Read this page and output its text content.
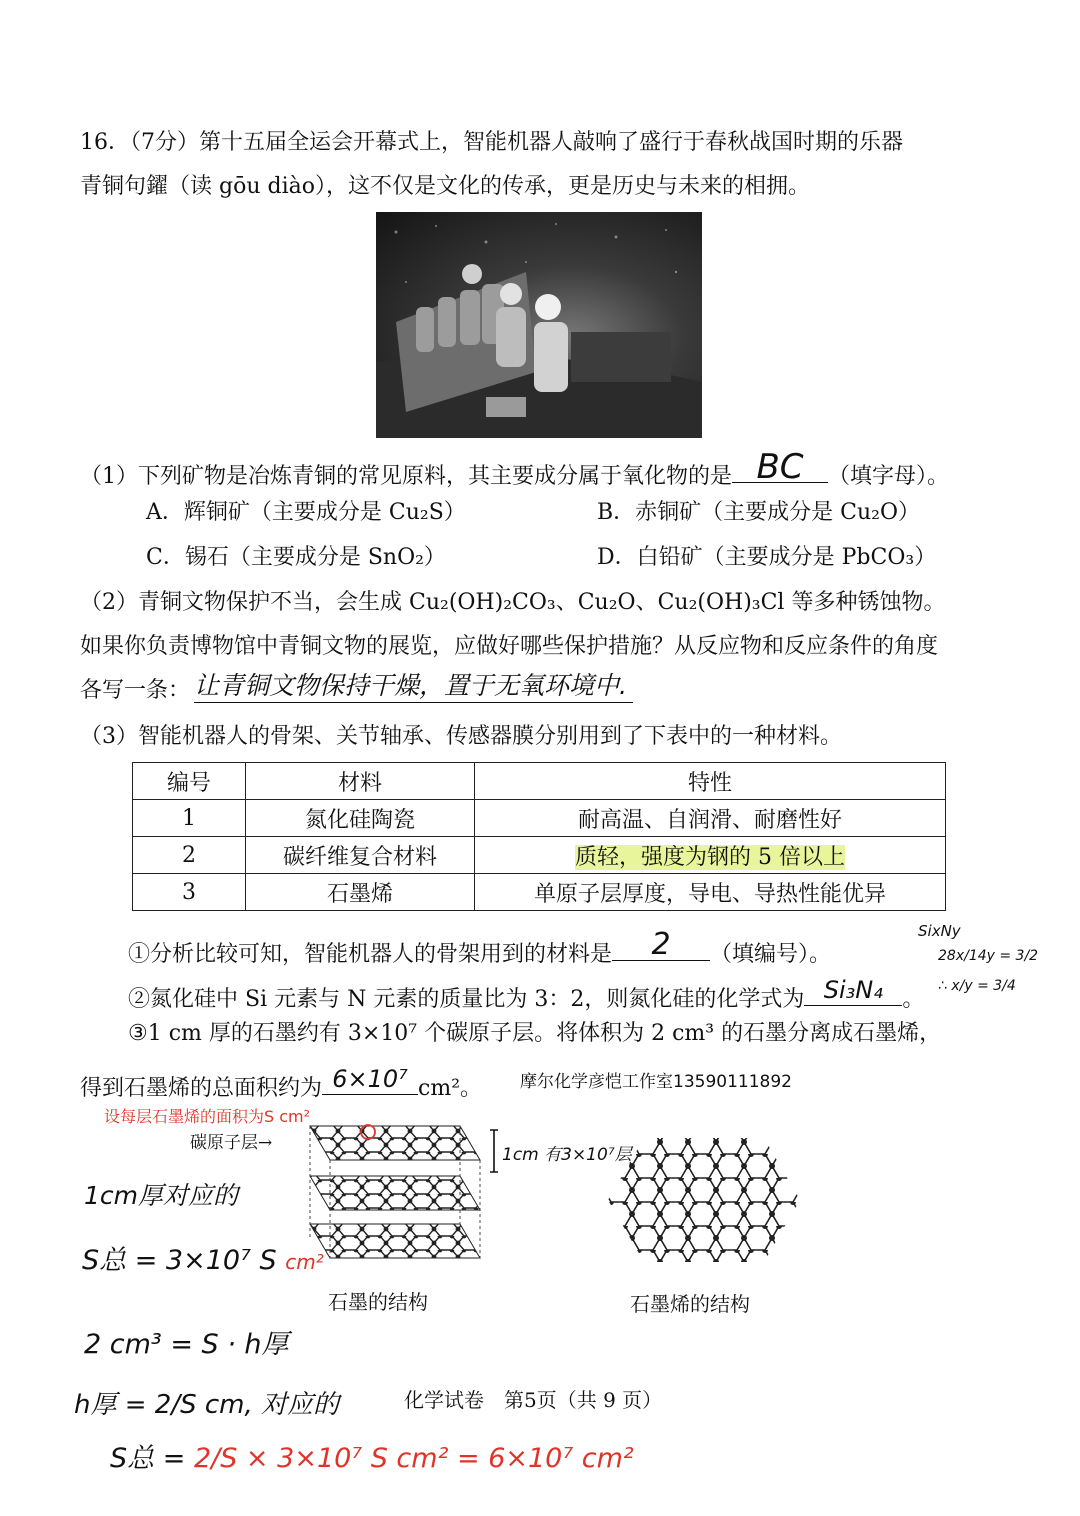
16．（7分）第十五届全运会开幕式上，智能机器人敲响了盛行于春秋战国时期的乐器
青铜句鑃（读 gōu diào），这不仅是文化的传承，更是历史与未来的相拥。
（1）下列矿物是冶炼青铜的常见原料，其主要成分属于氧化物的是 BC	（填字母）。
A．辉铜矿（主要成分是 Cu₂S）	B．赤铜矿（主要成分是 Cu₂O）
C．锡石（主要成分是 SnO₂）	D．白铅矿（主要成分是 PbCO₃）
（2）青铜文物保护不当，会生成 Cu₂(OH)₂CO₃、Cu₂O、Cu₂(OH)₃Cl 等多种锈蚀物。
如果你负责博物馆中青铜文物的展览，应做好哪些保护措施？从反应物和反应条件的角度
各写一条： 让青铜文物保持干燥，置于无氧环境中.
（3）智能机器人的骨架、关节轴承、传感器膜分别用到了下表中的一种材料。
编号	材料	特性
1	氮化硅陶瓷	耐高温、自润滑、耐磨性好
2	碳纤维复合材料	质轻，强度为钢的 5 倍以上
3	石墨烯	单原子层厚度，导电、导热性能优异
①分析比较可知，智能机器人的骨架用到的材料是	2	（填编号）。
②氮化硅中 Si 元素与 N 元素的质量比为 3：2，则氮化硅的化学式为 Si₃N₄ 。
SixNy
28x/14y = 3/2
∴ x/y = 3/4
③1 cm 厚的石墨约有 3×10⁷ 个碳原子层。将体积为 2 cm³ 的石墨分离成石墨烯，
得到石墨烯的总面积约为 6×10⁷ cm²。 摩尔化学彦恺工作室13590111892
设每层石墨烯的面积为S cm²
碳原子层→
1cm 有3×10⁷层
石墨的结构	石墨烯的结构
1cm厚对应的
S总 = 3×10⁷ S cm²
2 cm³ = S · h厚
h厚 = 2/S cm, 对应的
S总 = 2/S × 3×10⁷ S cm² = 6×10⁷ cm²
化学试卷　第5页（共 9 页）
